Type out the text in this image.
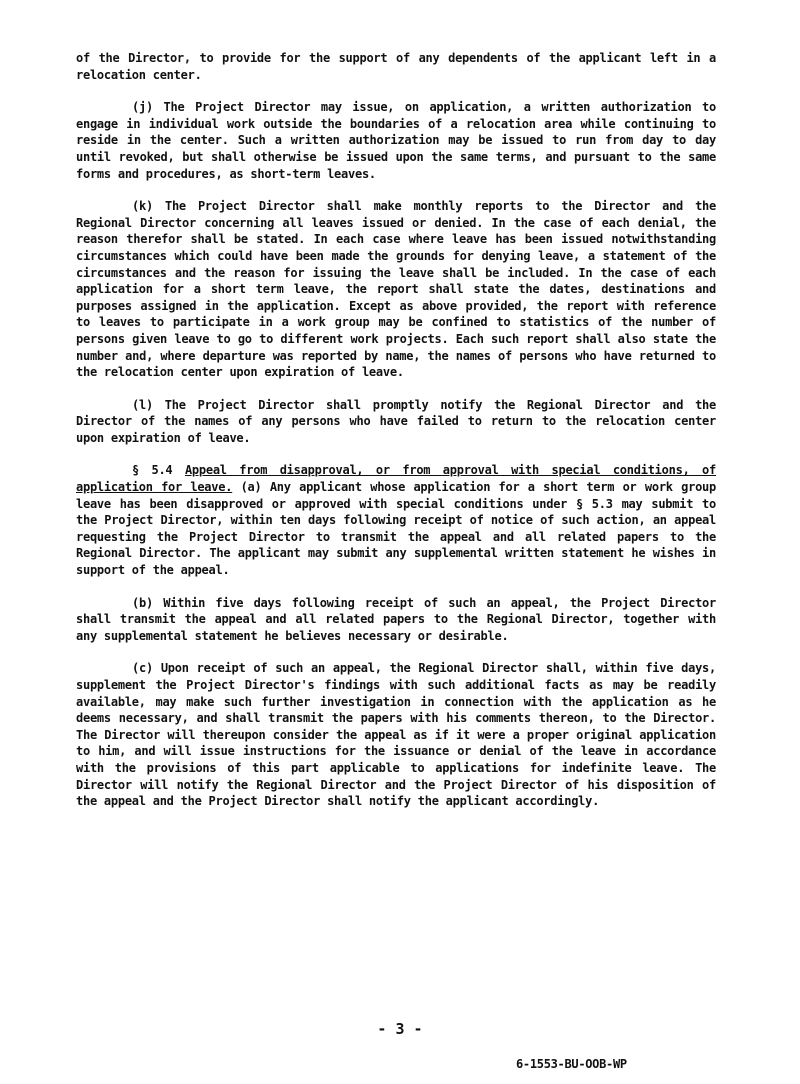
of the Director, to provide for the support of any dependents of the applicant left in a relocation center.

(j) The Project Director may issue, on application, a written authorization to engage in individual work outside the boundaries of a relocation area while continuing to reside in the center. Such a written authorization may be issued to run from day to day until revoked, but shall otherwise be issued upon the same terms, and pursuant to the same forms and procedures, as short-term leaves.

(k) The Project Director shall make monthly reports to the Director and the Regional Director concerning all leaves issued or denied. In the case of each denial, the reason therefor shall be stated. In each case where leave has been issued notwithstanding circumstances which could have been made the grounds for denying leave, a statement of the circumstances and the reason for issuing the leave shall be included. In the case of each application for a short term leave, the report shall state the dates, destinations and purposes assigned in the application. Except as above provided, the report with reference to leaves to participate in a work group may be confined to statistics of the number of persons given leave to go to different work projects. Each such report shall also state the number and, where departure was reported by name, the names of persons who have returned to the relocation center upon expiration of leave.

(l) The Project Director shall promptly notify the Regional Director and the Director of the names of any persons who have failed to return to the relocation center upon expiration of leave.

§ 5.4 Appeal from disapproval, or from approval with special conditions, of application for leave. (a) Any applicant whose application for a short term or work group leave has been disapproved or approved with special conditions under § 5.3 may submit to the Project Director, within ten days following receipt of notice of such action, an appeal requesting the Project Director to transmit the appeal and all related papers to the Regional Director. The applicant may submit any supplemental written statement he wishes in support of the appeal.

(b) Within five days following receipt of such an appeal, the Project Director shall transmit the appeal and all related papers to the Regional Director, together with any supplemental statement he believes necessary or desirable.

(c) Upon receipt of such an appeal, the Regional Director shall, within five days, supplement the Project Director's findings with such additional facts as may be readily available, may make such further investigation in connection with the application as he deems necessary, and shall transmit the papers with his comments thereon, to the Director. The Director will thereupon consider the appeal as if it were a proper original application to him, and will issue instructions for the issuance or denial of the leave in accordance with the provisions of this part applicable to applications for indefinite leave. The Director will notify the Regional Director and the Project Director of his disposition of the appeal and the Project Director shall notify the applicant accordingly.

- 3 -
6-1553-BU-OOB-WP
